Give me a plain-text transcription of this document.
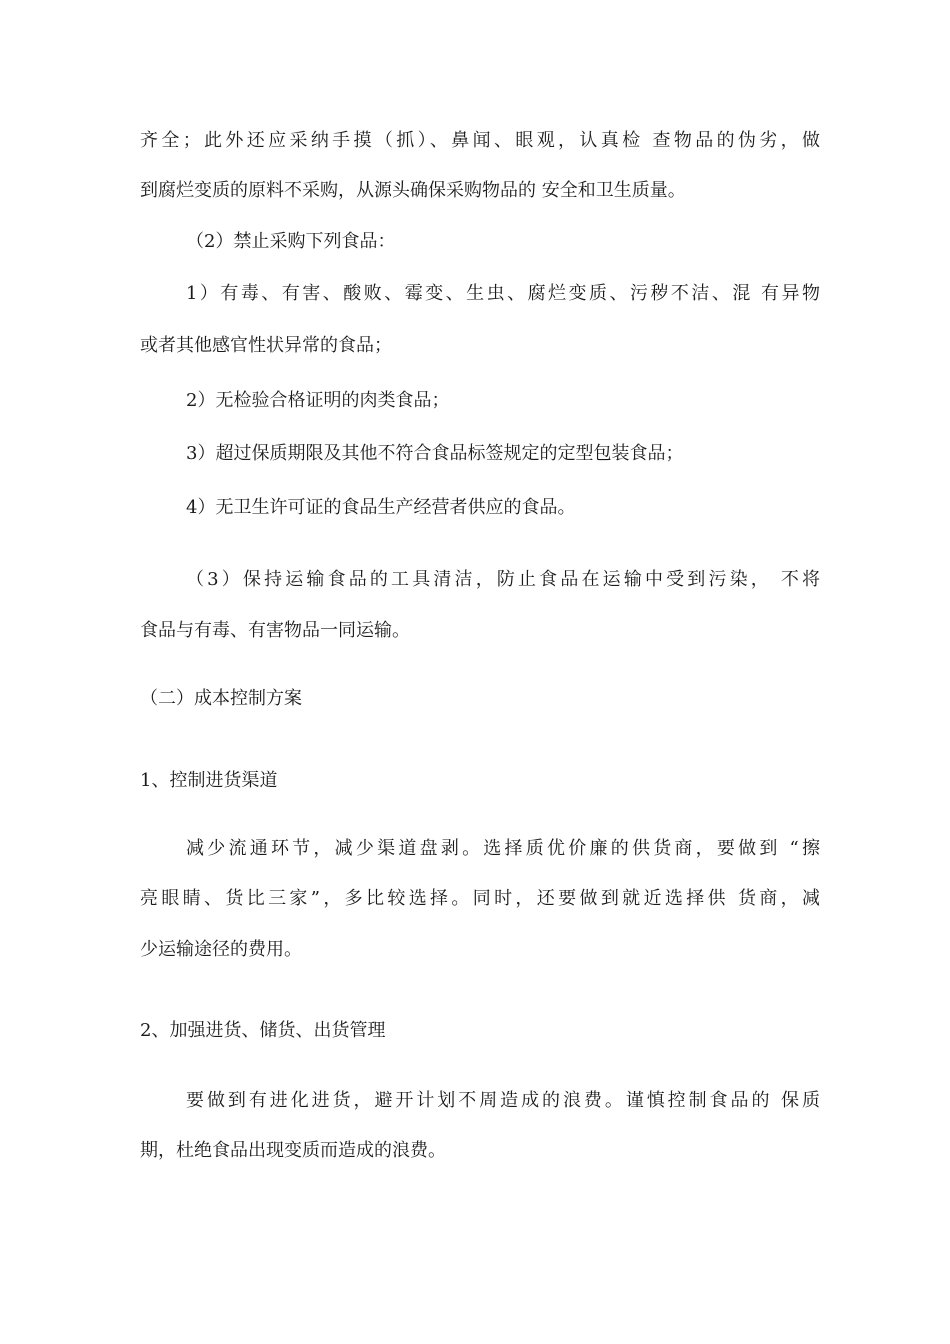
齐全；此外还应采纳手摸（抓）、鼻闻、眼观，认真检 查物品的伪劣，做
到腐烂变质的原料不采购，从源头确保采购物品的 安全和卫生质量。
（2）禁止采购下列食品：
1）有毒、有害、酸败、霉变、生虫、腐烂变质、污秽不洁、混 有异物
或者其他感官性状异常的食品；
2）无检验合格证明的肉类食品；
3）超过保质期限及其他不符合食品标签规定的定型包装食品；
4）无卫生许可证的食品生产经营者供应的食品。
（3）保持运输食品的工具清洁，防止食品在运输中受到污染， 不将
食品与有毒、有害物品一同运输。
（二）成本控制方案
1、控制进货渠道
减少流通环节，减少渠道盘剥。选择质优价廉的供货商，要做到 “擦
亮眼睛、货比三家”，多比较选择。同时，还要做到就近选择供 货商，减
少运输途径的费用。
2、加强进货、储货、出货管理
要做到有进化进货，避开计划不周造成的浪费。谨慎控制食品的 保质
期，杜绝食品出现变质而造成的浪费。
